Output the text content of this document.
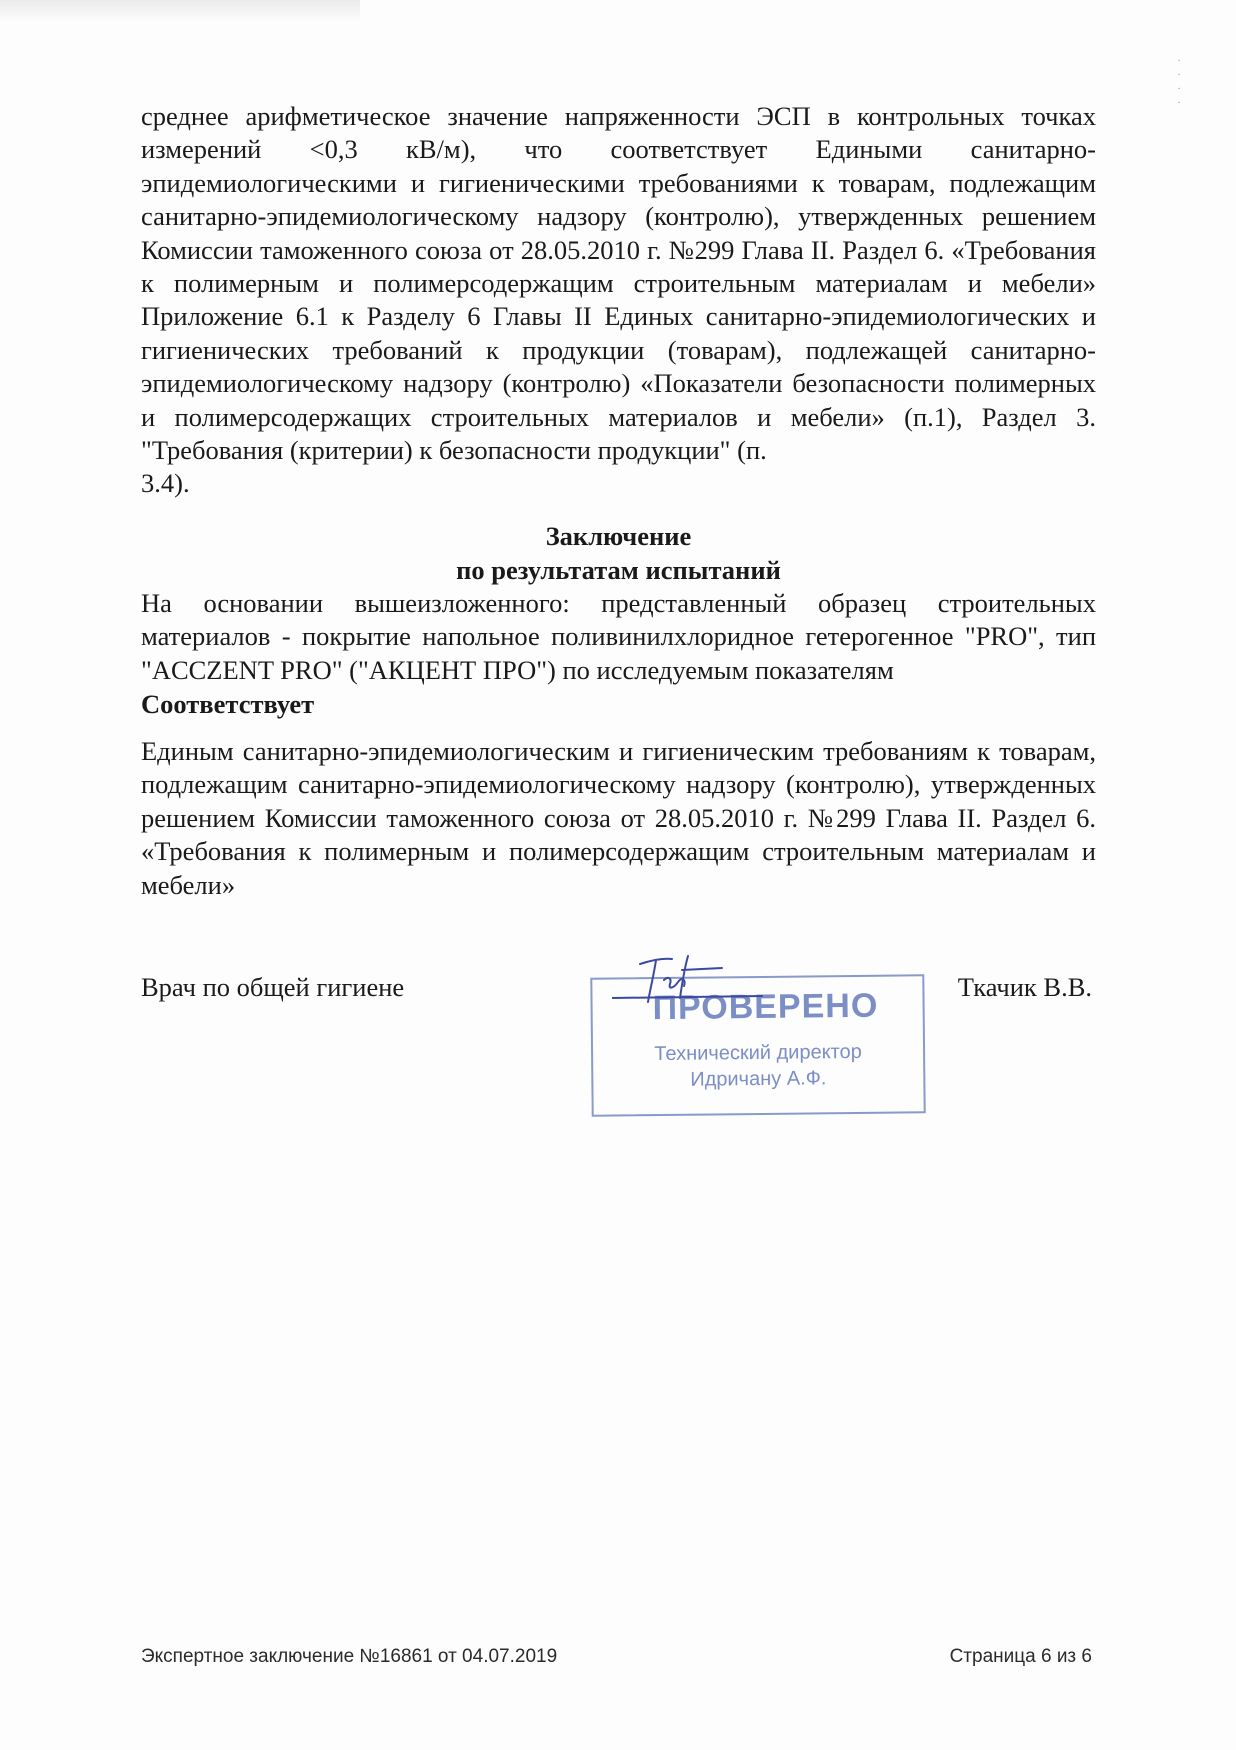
·
·
·
·
среднее арифметическое значение напряженности ЭСП в контрольных точках измерений <0,3 кВ/м), что соответствует Едиными санитарно-эпидемиологическими и гигиеническими требованиями к товарам, подлежащим санитарно-эпидемиологическому надзору (контролю), утвержденных решением Комиссии таможенного союза от 28.05.2010 г. №299 Глава II. Раздел 6. «Требования к полимерным и полимерсодержащим строительным материалам и мебели» Приложение 6.1 к Разделу 6 Главы II Единых санитарно-эпидемиологических и гигиенических требований к продукции (товарам), подлежащей санитарно-эпидемиологическому надзору (контролю) «Показатели безопасности полимерных и полимерсодержащих строительных материалов и мебели» (п.1), Раздел 3. "Требования (критерии) к безопасности продукции" (п.
3.4).
Заключение
по результатам испытаний
На основании вышеизложенного: представленный образец строительных материалов - покрытие напольное поливинилхлоридное гетерогенное "PRO", тип "ACCZENT PRO" ("АКЦЕНТ ПРО") по исследуемым показателям
Соответствует
Единым санитарно-эпидемиологическим и гигиеническим требованиям к товарам, подлежащим санитарно-эпидемиологическому надзору (контролю), утвержденных решением Комиссии таможенного союза от 28.05.2010 г. №299 Глава II. Раздел 6. «Требования к полимерным и полимерсодержащим строительным материалам и мебели»
Врач по общей гигиене	Ткачик В.В.
ПРОВЕРЕНО
Технический директор
Идричану А.Ф.
Экспертное заключение №16861 от 04.07.2019	Страница 6 из 6
